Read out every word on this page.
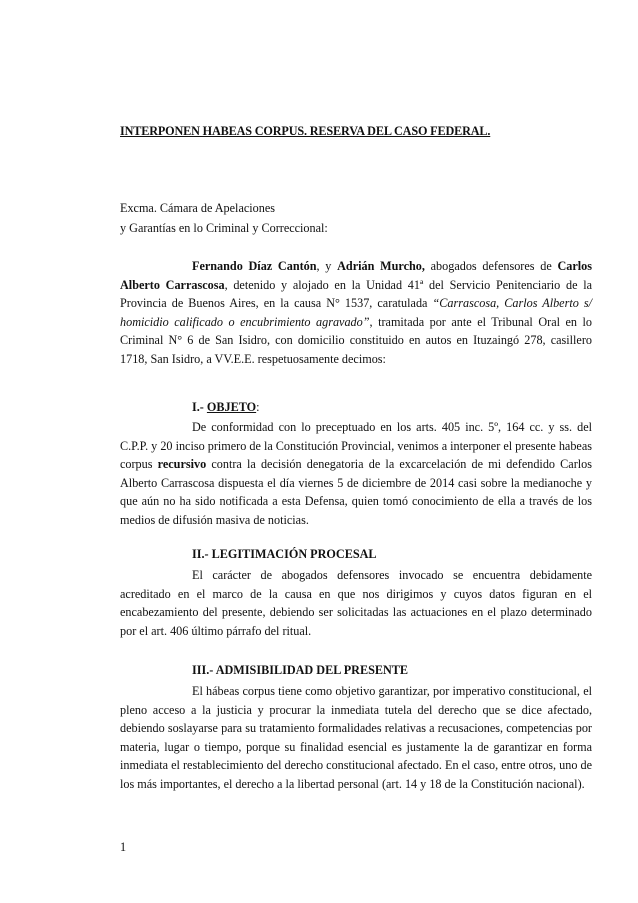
INTERPONEN HABEAS CORPUS. RESERVA DEL CASO FEDERAL.
Excma. Cámara de Apelaciones
y Garantías en lo Criminal y Correccional:
Fernando Díaz Cantón, y Adrián Murcho, abogados defensores de Carlos Alberto Carrascosa, detenido y alojado en la Unidad 41ª del Servicio Penitenciario de la Provincia de Buenos Aires, en la causa N° 1537, caratulada “Carrascosa, Carlos Alberto s/ homicidio calificado o encubrimiento agravado”, tramitada por ante el Tribunal Oral en lo Criminal N° 6 de San Isidro, con domicilio constituido en autos en Ituzaingó 278, casillero 1718, San Isidro, a VV.E.E. respetuosamente decimos:
I.- OBJETO:
De conformidad con lo preceptuado en los arts. 405 inc. 5º, 164 cc. y ss. del C.P.P. y 20 inciso primero de la Constitución Provincial, venimos a interponer el presente habeas corpus recursivo contra la decisión denegatoria de la excarcelación de mi defendido Carlos Alberto Carrascosa dispuesta el día viernes 5 de diciembre de 2014 casi sobre la medianoche y que aún no ha sido notificada a esta Defensa, quien tomó conocimiento de ella a través de los medios de difusión masiva de noticias.
II.- LEGITIMACIÓN PROCESAL
El carácter de abogados defensores invocado se encuentra debidamente acreditado en el marco de la causa en que nos dirigimos y cuyos datos figuran en el encabezamiento del presente, debiendo ser solicitadas las actuaciones en el plazo determinado por el art. 406 último párrafo del ritual.
III.- ADMISIBILIDAD DEL PRESENTE
El hábeas corpus tiene como objetivo garantizar, por imperativo constitucional, el pleno acceso a la justicia y procurar la inmediata tutela del derecho que se dice afectado, debiendo soslayarse para su tratamiento formalidades relativas a recusaciones, competencias por materia, lugar o tiempo, porque su finalidad esencial es justamente la de garantizar en forma inmediata el restablecimiento del derecho constitucional afectado. En el caso, entre otros, uno de los más importantes, el derecho a la libertad personal (art. 14 y 18 de la Constitución nacional).
1
